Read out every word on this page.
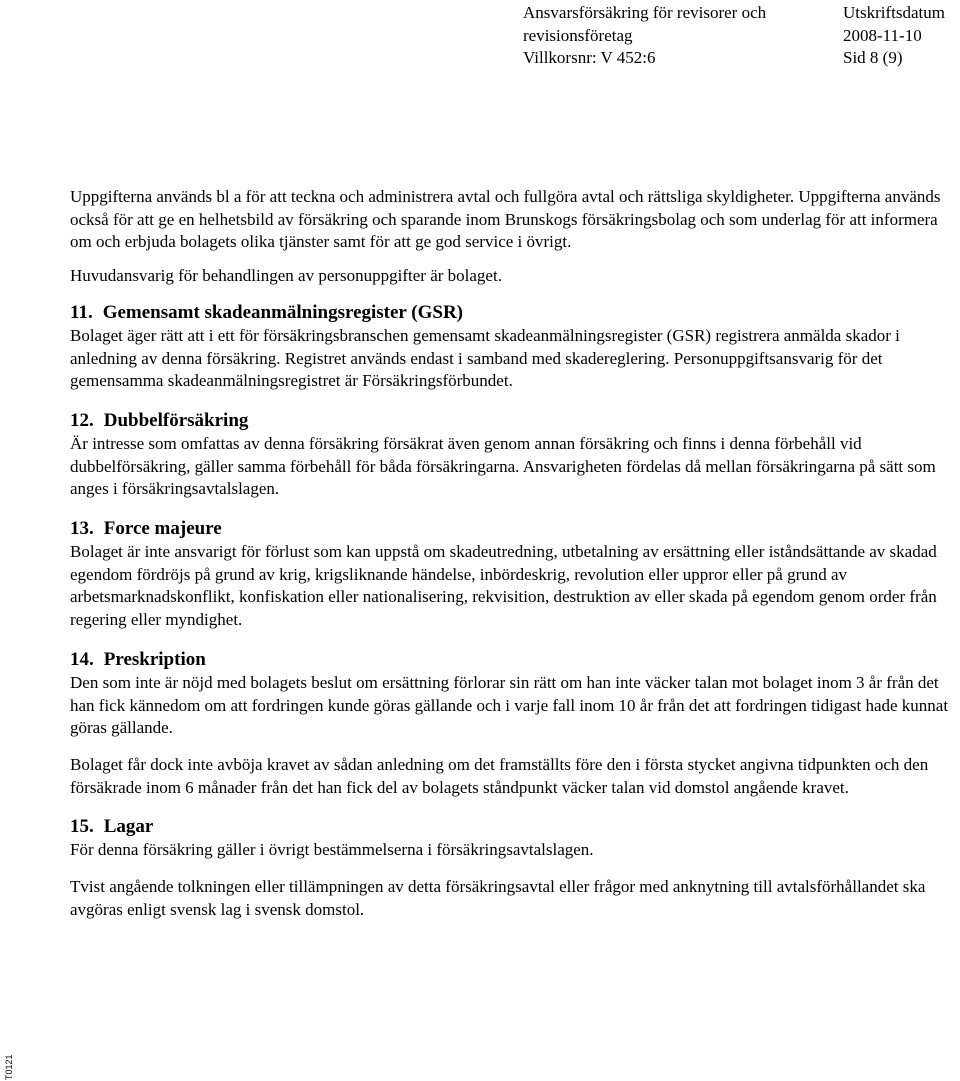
Ansvarsförsäkring för revisorer och
revisionsföretag
Villkorsnr: V 452:6
Utskriftsdatum
2008-11-10
Sid 8 (9)

Uppgifterna används bl a för att teckna och administrera avtal och fullgöra avtal och rättsliga skyldigheter. Uppgifterna används också för att ge en helhetsbild av försäkring och sparande inom Brunskogs försäkringsbolag och som underlag för att informera om och erbjuda bolagets olika tjänster samt för att ge god service i övrigt.

Huvudansvarig för behandlingen av personuppgifter är bolaget.

11. Gemensamt skadeanmälningsregister (GSR)

Bolaget äger rätt att i ett för försäkringsbranschen gemensamt skadeanmälningsregister (GSR) registrera anmälda skador i anledning av denna försäkring. Registret används endast i samband med skadereglering. Personuppgiftsansvarig för det gemensamma skadeanmälningsregistret är Försäkringsförbundet.

12. Dubbelförsäkring

Är intresse som omfattas av denna försäkring försäkrat även genom annan försäkring och finns i denna förbehåll vid dubbelförsäkring, gäller samma förbehåll för båda försäkringarna. Ansvarigheten fördelas då mellan försäkringarna på sätt som anges i försäkringsavtalslagen.

13. Force majeure

Bolaget är inte ansvarigt för förlust som kan uppstå om skadeutredning, utbetalning av ersättning eller iståndsättande av skadad egendom fördröjs på grund av krig, krigsliknande händelse, inbördeskrig, revolution eller uppror eller på grund av arbetsmarknadskonflikt, konfiskation eller nationalisering, rekvisition, destruktion av eller skada på egendom genom order från regering eller myndighet.

14. Preskription

Den som inte är nöjd med bolagets beslut om ersättning förlorar sin rätt om han inte väcker talan mot bolaget inom 3 år från det han fick kännedom om att fordringen kunde göras gällande och i varje fall inom 10 år från det att fordringen tidigast hade kunnat göras gällande.

Bolaget får dock inte avböja kravet av sådan anledning om det framställts före den i första stycket angivna tidpunkten och den försäkrade inom 6 månader från det han fick del av bolagets ståndpunkt väcker talan vid domstol angående kravet.

15. Lagar

För denna försäkring gäller i övrigt bestämmelserna i försäkringsavtalslagen.

Tvist angående tolkningen eller tillämpningen av detta försäkringsavtal eller frågor med anknytning till avtalsförhållandet ska avgöras enligt svensk lag i svensk domstol.

T0121
